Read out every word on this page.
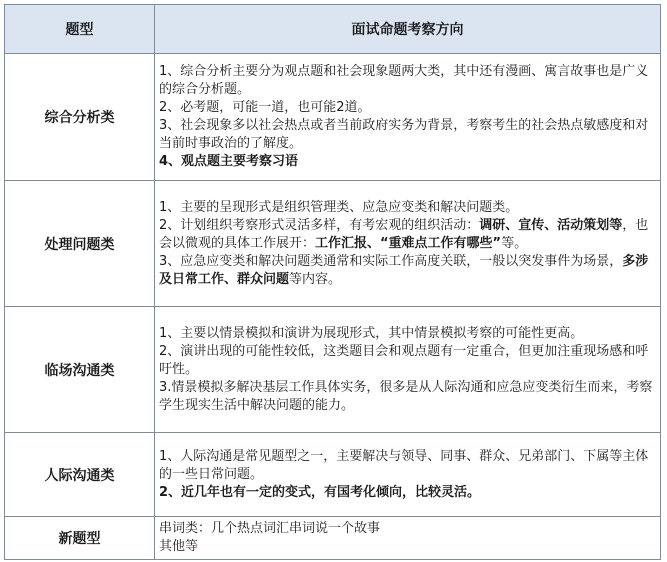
题型	面试命题考察方向
综合分析类	1、综合分析主要分为观点题和社会现象题两大类，其中还有漫画、寓言故事也是广义的综合分析题。
2、必考题，可能一道，也可能2道。
3、社会现象多以社会热点或者当前政府实务为背景，考察考生的社会热点敏感度和对当前时事政治的了解度。
4、观点题主要考察习语

处理问题类	1、主要的呈现形式是组织管理类、应急应变类和解决问题类。
2、计划组织考察形式灵活多样，有考宏观的组织活动：调研、宣传、活动策划等，也会以微观的具体工作展开：工作汇报、“重难点工作有哪些”等。
3、应急应变类和解决问题类通常和实际工作高度关联，一般以突发事件为场景，多涉及日常工作、群众问题等内容。

临场沟通类	1、主要以情景模拟和演讲为展现形式，其中情景模拟考察的可能性更高。
2、演讲出现的可能性较低，这类题目会和观点题有一定重合，但更加注重现场感和呼吁性。
3.情景模拟多解决基层工作具体实务，很多是从人际沟通和应急应变类衍生而来，考察学生现实生活中解决问题的能力。

人际沟通类	1、人际沟通是常见题型之一，主要解决与领导、同事、群众、兄弟部门、下属等主体的一些日常问题。
2、近几年也有一定的变式，有国考化倾向，比较灵活。

新题型	串词类：几个热点词汇串词说一个故事
其他等
